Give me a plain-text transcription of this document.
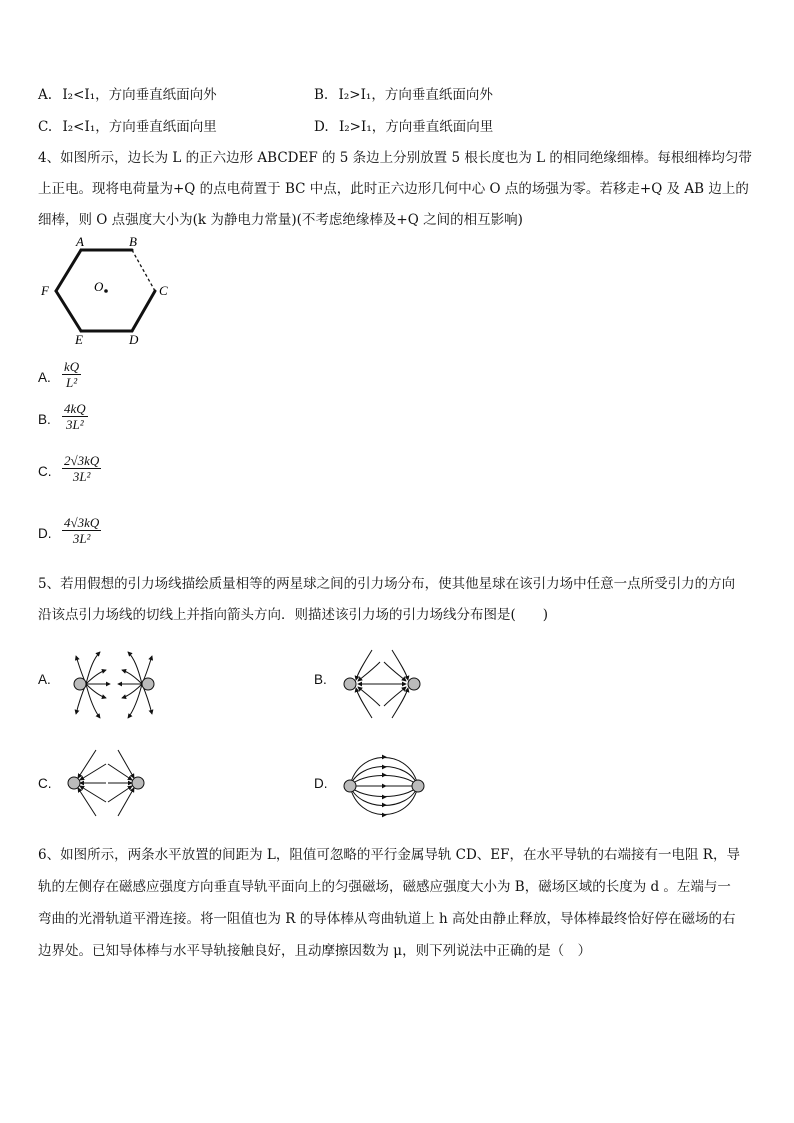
A. I₂<I₁，方向垂直纸面向外	B. I₂>I₁，方向垂直纸面向外
C. I₂<I₁，方向垂直纸面向里	D. I₂>I₁，方向垂直纸面向里
4、如图所示，边长为 L 的正六边形 ABCDEF 的 5 条边上分别放置 5 根长度也为 L 的相同绝缘细棒。每根细棒均匀带
上正电。现将电荷量为+Q 的点电荷置于 BC 中点，此时正六边形几何中心 O 点的场强为零。若移走+Q 及 AB 边上的
细棒，则 O 点强度大小为(k 为静电力常量)(不考虑绝缘棒及+Q 之间的相互影响)
A	B
C
D
E
F	O
A. $\frac{kQ}{\text{L²}}$
B. $\frac{4kQ}{\text{3L²}}$
C. $\frac{2√3kQ}{\text{3L²}}$
D. $\frac{4√3kQ}{\text{3L²}}$
5、若用假想的引力场线描绘质量相等的两星球之间的引力场分布，使其他星球在该引力场中任意一点所受引力的方向
沿该点引力场线的切线上并指向箭头方向．则描述该引力场的引力场线分布图是(　　)
A.	B.
C.	D.
6、如图所示，两条水平放置的间距为 L，阻值可忽略的平行金属导轨 CD、EF，在水平导轨的右端接有一电阻 R，导
轨的左侧存在磁感应强度方向垂直导轨平面向上的匀强磁场，磁感应强度大小为 B，磁场区域的长度为 d 。左端与一
弯曲的光滑轨道平滑连接。将一阻值也为 R 的导体棒从弯曲轨道上 h 高处由静止释放，导体棒最终恰好停在磁场的右
边界处。已知导体棒与水平导轨接触良好，且动摩擦因数为 μ，则下列说法中正确的是（　）
